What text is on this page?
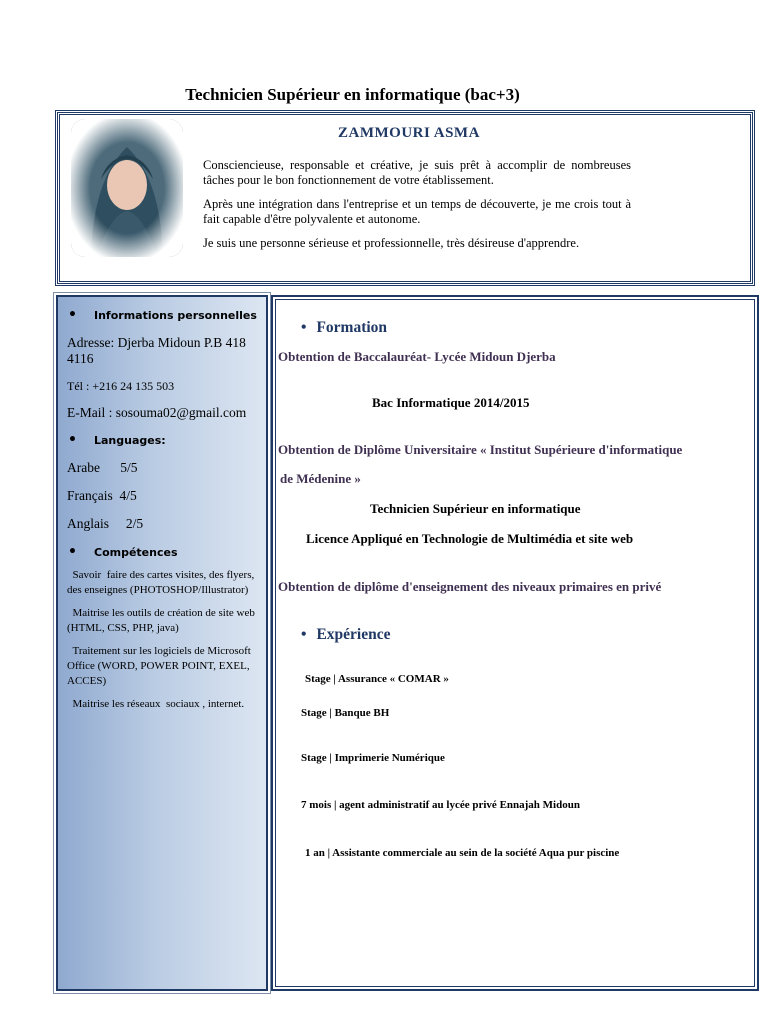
Technicien Supérieur en informatique (bac+3)
ZAMMOURI ASMA

Consciencieuse, responsable et créative, je suis prêt à accomplir de nombreuses tâches pour le bon fonctionnement de votre établissement.

Après une intégration dans l'entreprise et un temps de découverte, je me crois tout à fait capable d'être polyvalente et autonome.

Je suis une personne sérieuse et professionnelle, très désireuse d'apprendre.

•	Informations personnelles
Adresse: Djerba Midoun P.B 418 4116
Tél : +216 24 135 503
E-Mail : sosouma02@gmail.com
•	Languages:
Arabe      5/5
Français  4/5
Anglais     2/5
•	Compétences
Savoir  faire des cartes visites, des flyers, des enseignes (PHOTOSHOP/Illustrator)
Maitrise les outils de création de site web (HTML, CSS, PHP, java)
Traitement sur les logiciels de Microsoft Office (WORD, POWER POINT, EXEL, ACCES)
Maitrise les réseaux  sociaux , internet.
• Formation
Obtention de Baccalauréat- Lycée Midoun Djerba
Bac Informatique 2014/2015
Obtention de Diplôme Universitaire « Institut Supérieure d'informatique
de Médenine »
Technicien Supérieur en informatique
Licence Appliqué en Technologie de Multimédia et site web
Obtention de diplôme d'enseignement des niveaux primaires en privé
• Expérience
Stage | Assurance « COMAR »
Stage | Banque BH
Stage | Imprimerie Numérique
7 mois | agent administratif au lycée privé Ennajah Midoun
1 an | Assistante commerciale au sein de la société Aqua pur piscine
